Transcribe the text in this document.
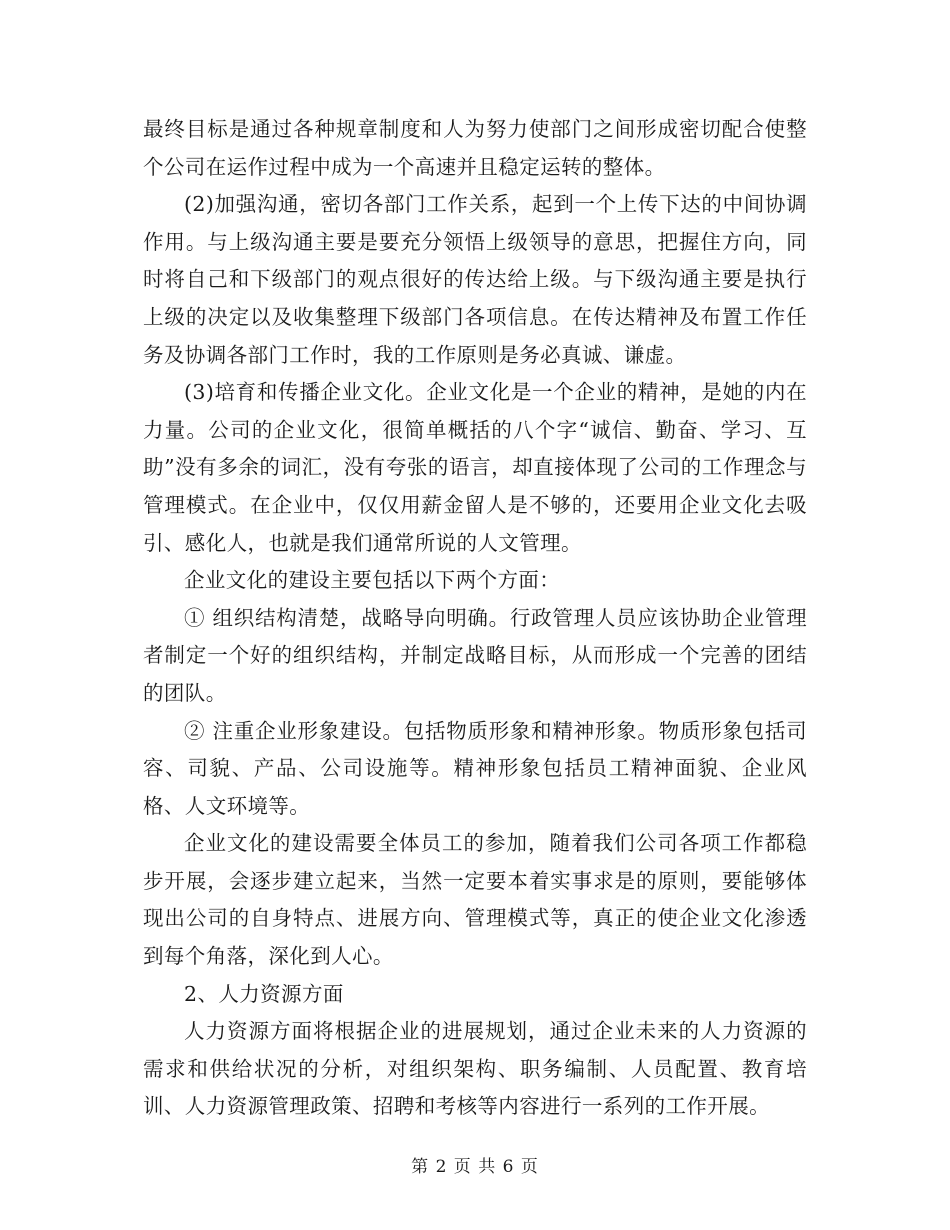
最终目标是通过各种规章制度和人为努力使部门之间形成密切配合使整个公司在运作过程中成为一个高速并且稳定运转的整体。

(2)加强沟通，密切各部门工作关系，起到一个上传下达的中间协调作用。与上级沟通主要是要充分领悟上级领导的意思，把握住方向，同时将自己和下级部门的观点很好的传达给上级。与下级沟通主要是执行上级的决定以及收集整理下级部门各项信息。在传达精神及布置工作任务及协调各部门工作时，我的工作原则是务必真诚、谦虚。

(3)培育和传播企业文化。企业文化是一个企业的精神，是她的内在力量。公司的企业文化，很简单概括的八个字“诚信、勤奋、学习、互助”没有多余的词汇，没有夸张的语言，却直接体现了公司的工作理念与管理模式。在企业中，仅仅用薪金留人是不够的，还要用企业文化去吸引、感化人，也就是我们通常所说的人文管理。

企业文化的建设主要包括以下两个方面：

① 组织结构清楚，战略导向明确。行政管理人员应该协助企业管理者制定一个好的组织结构，并制定战略目标，从而形成一个完善的团结的团队。

② 注重企业形象建设。包括物质形象和精神形象。物质形象包括司容、司貌、产品、公司设施等。精神形象包括员工精神面貌、企业风格、人文环境等。

企业文化的建设需要全体员工的参加，随着我们公司各项工作都稳步开展，会逐步建立起来，当然一定要本着实事求是的原则，要能够体现出公司的自身特点、进展方向、管理模式等，真正的使企业文化渗透到每个角落，深化到人心。

2、人力资源方面

人力资源方面将根据企业的进展规划，通过企业未来的人力资源的需求和供给状况的分析，对组织架构、职务编制、人员配置、教育培训、人力资源管理政策、招聘和考核等内容进行一系列的工作开展。

第 2 页 共 6 页
